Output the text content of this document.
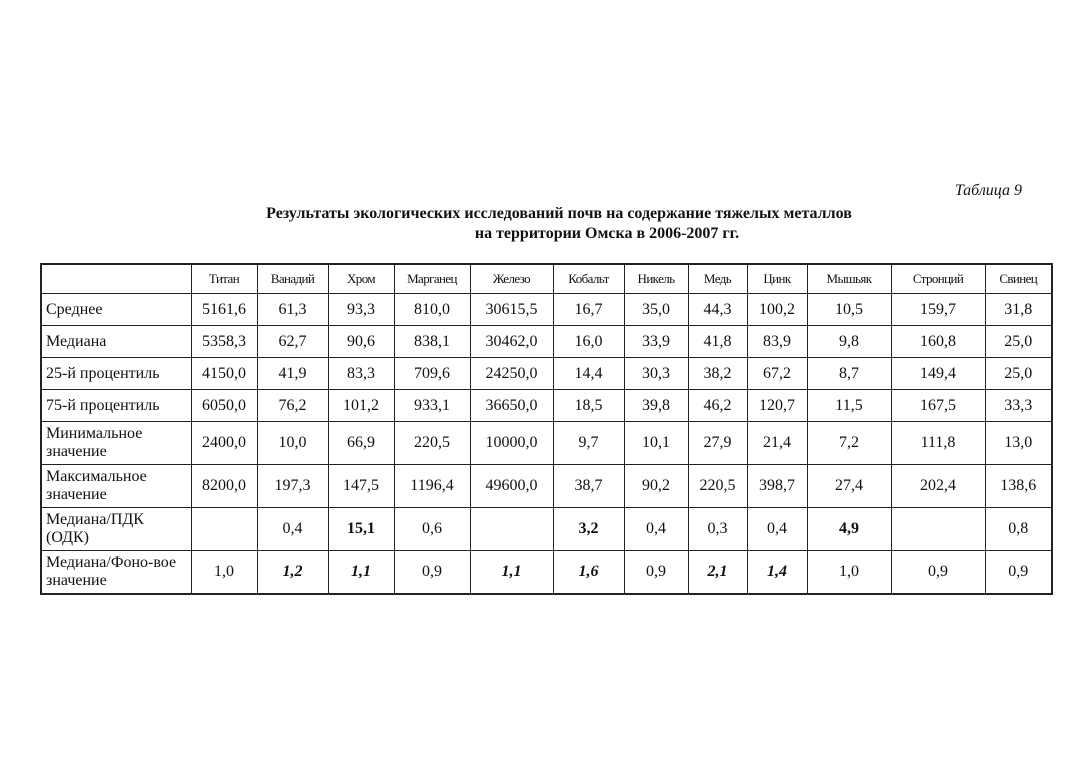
Таблица 9
Результаты экологических исследований почв на содержание тяжелых металлов
на территории Омска в 2006-2007 гг.
	Титан	Ванадий	Хром	Марганец	Железо	Кобальт	Никель	Медь	Цинк	Мышьяк	Стронций	Свинец
Среднее	5161,6	61,3	93,3	810,0	30615,5	16,7	35,0	44,3	100,2	10,5	159,7	31,8
Медиана	5358,3	62,7	90,6	838,1	30462,0	16,0	33,9	41,8	83,9	9,8	160,8	25,0
25-й процентиль	4150,0	41,9	83,3	709,6	24250,0	14,4	30,3	38,2	67,2	8,7	149,4	25,0
75-й процентиль	6050,0	76,2	101,2	933,1	36650,0	18,5	39,8	46,2	120,7	11,5	167,5	33,3
Минимальное значение	2400,0	10,0	66,9	220,5	10000,0	9,7	10,1	27,9	21,4	7,2	111,8	13,0
Максимальное значение	8200,0	197,3	147,5	1196,4	49600,0	38,7	90,2	220,5	398,7	27,4	202,4	138,6
Медиана/ПДК (ОДК)		0,4	15,1	0,6		3,2	0,4	0,3	0,4	4,9		0,8
Медиана/Фоно-вое значение	1,0	1,2	1,1	0,9	1,1	1,6	0,9	2,1	1,4	1,0	0,9	0,9
